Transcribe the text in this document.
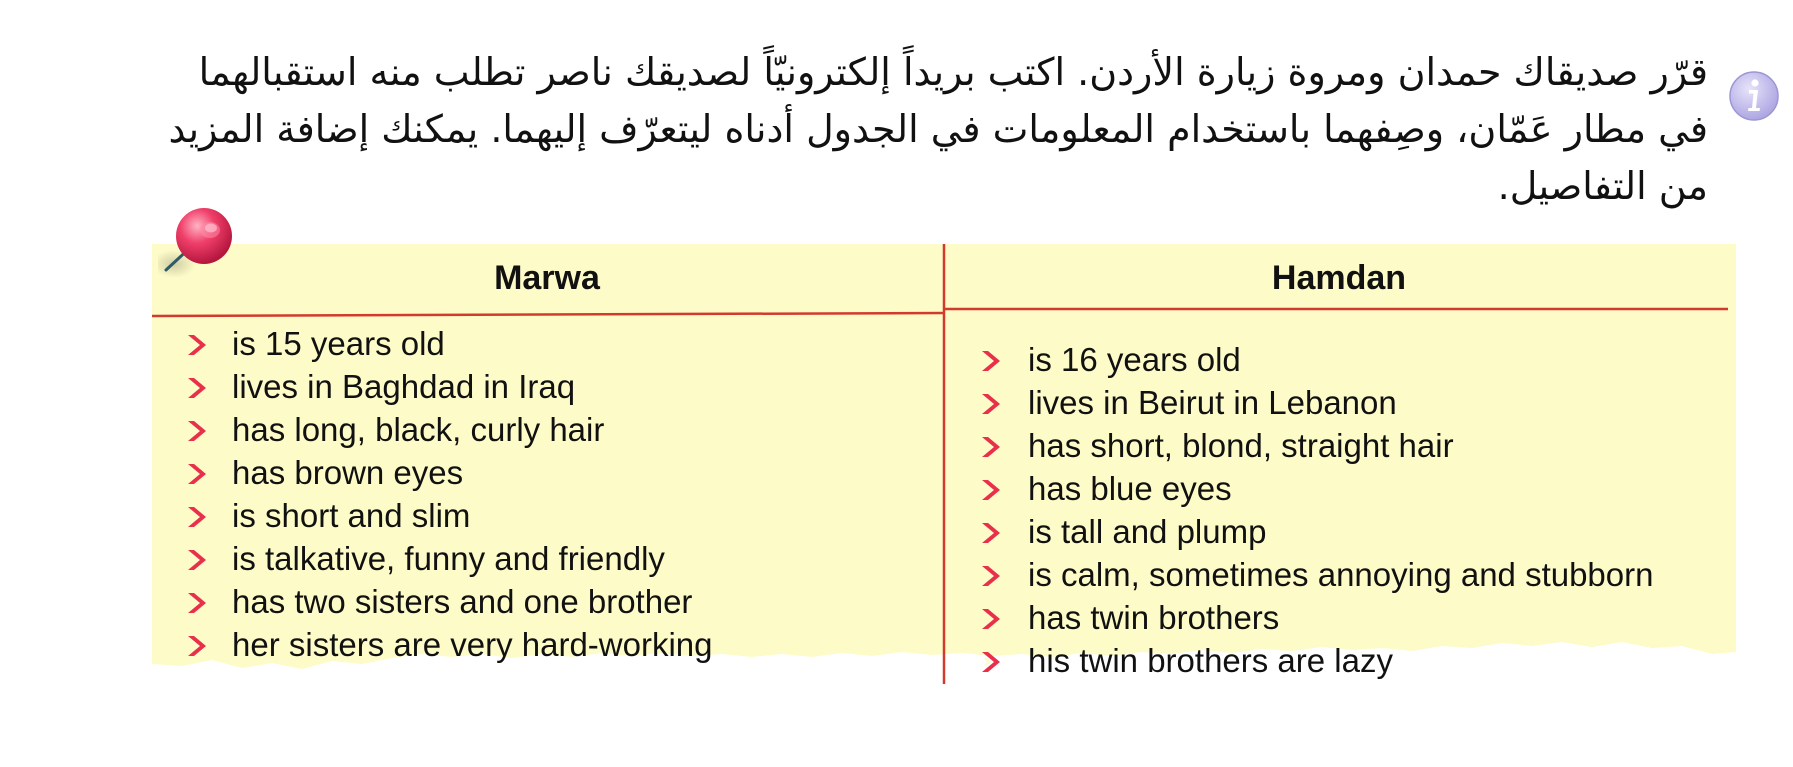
قرّر صديقاك حمدان ومروة زيارة الأردن. اكتب بريداً إلكترونيّاً لصديقك ناصر تطلب منه استقبالهما في مطار عَمّان، وصِفهما باستخدام المعلومات في الجدول أدناه ليتعرّف إليهما. يمكنك إضافة المزيد من التفاصيل.
Marwa	Hamdan
is 15 years old
lives in Baghdad in Iraq
has long, black, curly hair
has brown eyes
is short and slim
is talkative, funny and friendly
has two sisters and one brother
her sisters are very hard-working
is 16 years old
lives in Beirut in Lebanon
has short, blond, straight hair
has blue eyes
is tall and plump
is calm, sometimes annoying and stubborn
has twin brothers
his twin brothers are lazy
